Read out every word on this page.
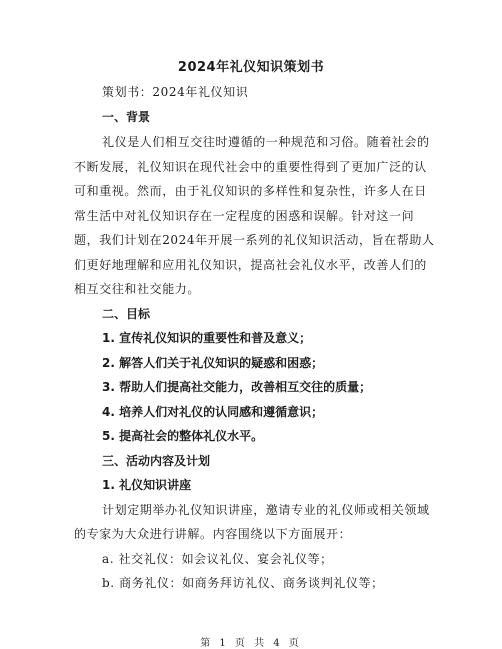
2024年礼仪知识策划书
策划书：2024年礼仪知识
一、背景
礼仪是人们相互交往时遵循的一种规范和习俗。随着社会的
不断发展，礼仪知识在现代社会中的重要性得到了更加广泛的认
可和重视。然而，由于礼仪知识的多样性和复杂性，许多人在日
常生活中对礼仪知识存在一定程度的困惑和误解。针对这一问
题，我们计划在2024年开展一系列的礼仪知识活动，旨在帮助人
们更好地理解和应用礼仪知识，提高社会礼仪水平，改善人们的
相互交往和社交能力。
二、目标
1. 宣传礼仪知识的重要性和普及意义；
2. 解答人们关于礼仪知识的疑惑和困惑；
3. 帮助人们提高社交能力，改善相互交往的质量；
4. 培养人们对礼仪的认同感和遵循意识；
5. 提高社会的整体礼仪水平。
三、活动内容及计划
1. 礼仪知识讲座
计划定期举办礼仪知识讲座，邀请专业的礼仪师或相关领域
的专家为大众进行讲解。内容围绕以下方面展开：
a. 社交礼仪：如会议礼仪、宴会礼仪等；
b. 商务礼仪：如商务拜访礼仪、商务谈判礼仪等；
第 1 页 共 4 页
